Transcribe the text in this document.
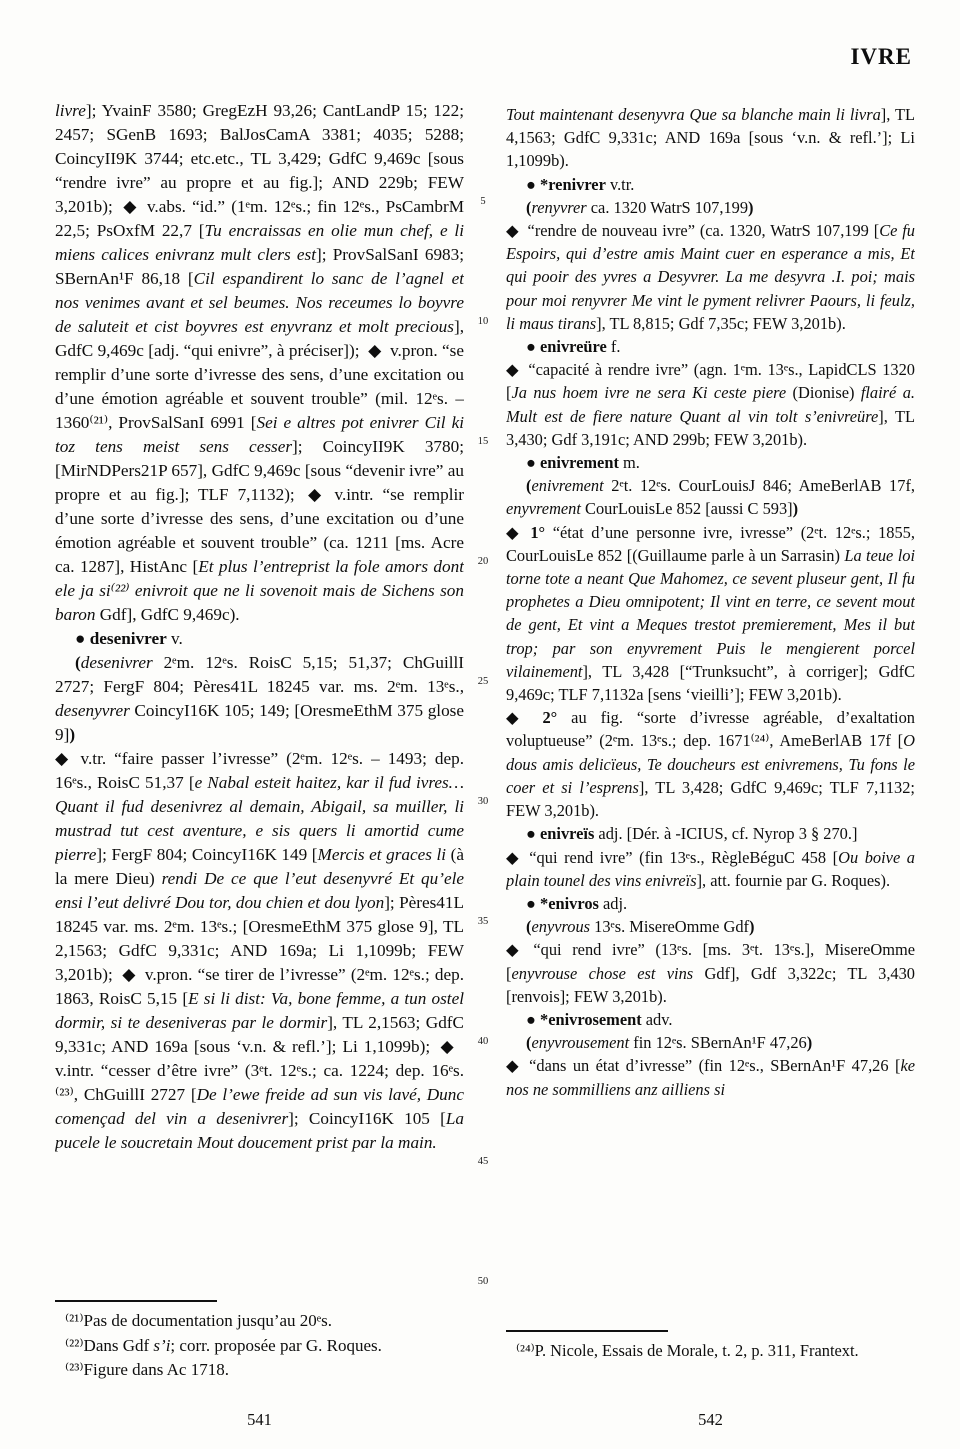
IVRE

livre]; YvainF 3580; GregEzH 93,26; CantLandP 15; 122; 2457; SGenB 1693; BalJosCamA 3381; 4035; 5288; CoincyII9K 3744; etc.etc., TL 3,429; GdfC 9,469c [sous “rendre ivre” au propre et au fig.]; AND 229b; FEW 3,201b); ◆ v.abs. “id.” (1ᵉm. 12ᵉs.; fin 12ᵉs., PsCambrM 22,5; PsOxfM 22,7 [Tu encraissas en olie mun chef, e li miens calices enivranz mult clers est]; ProvSalSanI 6983; SBernAn¹F 86,18 [Cil espandirent lo sanc de l’agnel et nos venimes avant et sel beumes. Nos receumes lo boyvre de saluteit et cist boyvres est enyvranz et molt precious], GdfC 9,469c [adj. “qui enivre”, à préciser]); ◆ v.pron. “se remplir d’une sorte d’ivresse des sens, d’une excitation ou d’une émotion agréable et souvent trouble” (mil. 12ᵉs. – 1360⁽²¹⁾, ProvSalSanI 6991 [Sei e altres pot enivrer Cil ki toz tens meist sens cesser]; CoincyII9K 3780; [MirNDPers21P 657], GdfC 9,469c [sous “devenir ivre” au propre et au fig.]; TLF 7,1132); ◆ v.intr. “se remplir d’une sorte d’ivresse des sens, d’une excitation ou d’une émotion agréable et souvent trouble” (ca. 1211 [ms. Acre ca. 1287], HistAnc [Et plus l’entreprist la fole amors dont ele ja si⁽²²⁾ enivroit que ne li sovenoit mais de Sichens son baron Gdf], GdfC 9,469c).

● desenivrer v.

(desenivrer 2ᵉm. 12ᵉs. RoisC 5,15; 51,37; ChGuillI 2727; FergF 804; Pères41L 18245 var. ms. 2ᵉm. 13ᵉs., desenyvrer CoincyI16K 105; 149; [OresmeEthM 375 glose 9])

◆ v.tr. “faire passer l’ivresse” (2ᵉm. 12ᵉs. – 1493; dep. 16ᵉs., RoisC 51,37 [e Nabal esteit haitez, kar il fud ivres… Quant il fud desenivrez al demain, Abigail, sa muiller, li mustrad tut cest aventure, e sis quers li amortid cume pierre]; FergF 804; CoincyI16K 149 [Mercis et graces li (à la mere Dieu) rendi De ce que l’eut desenyvré Et qu’ele ensi l’eut delivré Dou tor, dou chien et dou lyon]; Pères41L 18245 var. ms. 2ᵉm. 13ᵉs.; [OresmeEthM 375 glose 9], TL 2,1563; GdfC 9,331c; AND 169a; Li 1,1099b; FEW 3,201b); ◆ v.pron. “se tirer de l’ivresse” (2ᵉm. 12ᵉs.; dep. 1863, RoisC 5,15 [E si li dist: Va, bone femme, a tun ostel dormir, si te deseniveras par le dormir], TL 2,1563; GdfC 9,331c; AND 169a [sous ‘v.n. & refl.’]; Li 1,1099b); ◆ v.intr. “cesser d’être ivre” (3ᵉt. 12ᵉs.; ca. 1224; dep. 16ᵉs.⁽²³⁾, ChGuillI 2727 [De l’ewe freide ad sun vis lavé, Dunc començad del vin a desenivrer]; CoincyI16K 105 [La pucele le soucretain Mout doucement prist par la main.

5
10
15
20
25
30
35
40
45
50

Tout maintenant desenyvra Que sa blanche main li livra], TL 4,1563; GdfC 9,331c; AND 169a [sous ‘v.n. & refl.’]; Li 1,1099b).

● *renivrer v.tr.

(renyvrer ca. 1320 WatrS 107,199)

◆ “rendre de nouveau ivre” (ca. 1320, WatrS 107,199 [Ce fu Espoirs, qui d’estre amis Maint cuer en esperance a mis, Et qui pooir des yvres a Desyvrer. La me desyvra .I. poi; mais pour moi renyvrer Me vint le pyment relivrer Paours, li feulz, li maus tirans], TL 8,815; Gdf 7,35c; FEW 3,201b).

● enivreüre f.

◆ “capacité à rendre ivre” (agn. 1ᵉm. 13ᵉs., LapidCLS 1320 [Ja nus hoem ivre ne sera Ki ceste piere (Dionise) flairé a. Mult est de fiere nature Quant al vin tolt s’enivreüre], TL 3,430; Gdf 3,191c; AND 299b; FEW 3,201b).

● enivrement m.

(enivrement 2ᵉt. 12ᵉs. CourLouisJ 846; AmeBerlAB 17f, enyvrement CourLouisLe 852 [aussi C 593])

◆ 1° “état d’une personne ivre, ivresse” (2ᵉt. 12ᵉs.; 1855, CourLouisLe 852 [(Guillaume parle à un Sarrasin) La teue loi torne tote a neant Que Mahomez, ce sevent pluseur gent, Il fu prophetes a Dieu omnipotent; Il vint en terre, ce sevent mout de gent, Et vint a Meques trestot premierement, Mes il but trop; par son enyvrement Puis le mengierent porcel vilainement], TL 3,428 [“Trunksucht”, à corriger]; GdfC 9,469c; TLF 7,1132a [sens ‘vieilli’]; FEW 3,201b).

◆ 2° au fig. “sorte d’ivresse agréable, d’exaltation voluptueuse” (2ᵉm. 13ᵉs.; dep. 1671⁽²⁴⁾, AmeBerlAB 17f [O dous amis delicïeus, Te doucheurs est enivremens, Tu fons le coer et si l’esprens], TL 3,428; GdfC 9,469c; TLF 7,1132; FEW 3,201b).

● enivreïs adj. [Dér. à -ICIUS, cf. Nyrop 3 § 270.]

◆ “qui rend ivre” (fin 13ᵉs., RègleBéguC 458 [Ou boive a plain tounel des vins enivreïs], att. fournie par G. Roques).

● *enivros adj.

(enyvrous 13ᵉs. MisereOmme Gdf)

◆ “qui rend ivre” (13ᵉs. [ms. 3ᵉt. 13ᵉs.], MisereOmme [enyvrouse chose est vins Gdf], Gdf 3,322c; TL 3,430 [renvois]; FEW 3,201b).

● *enivrosement adv.

(enyvrousement fin 12ᵉs. SBernAn¹F 47,26)

◆ “dans un état d’ivresse” (fin 12ᵉs., SBernAn¹F 47,26 [ke nos ne sommilliens anz ailliens si

⁽²¹⁾Pas de documentation jusqu’au 20ᵉs.

⁽²²⁾Dans Gdf s’i; corr. proposée par G. Roques.

⁽²³⁾Figure dans Ac 1718.

⁽²⁴⁾P. Nicole, Essais de Morale, t. 2, p. 311, Frantext.

541	542
